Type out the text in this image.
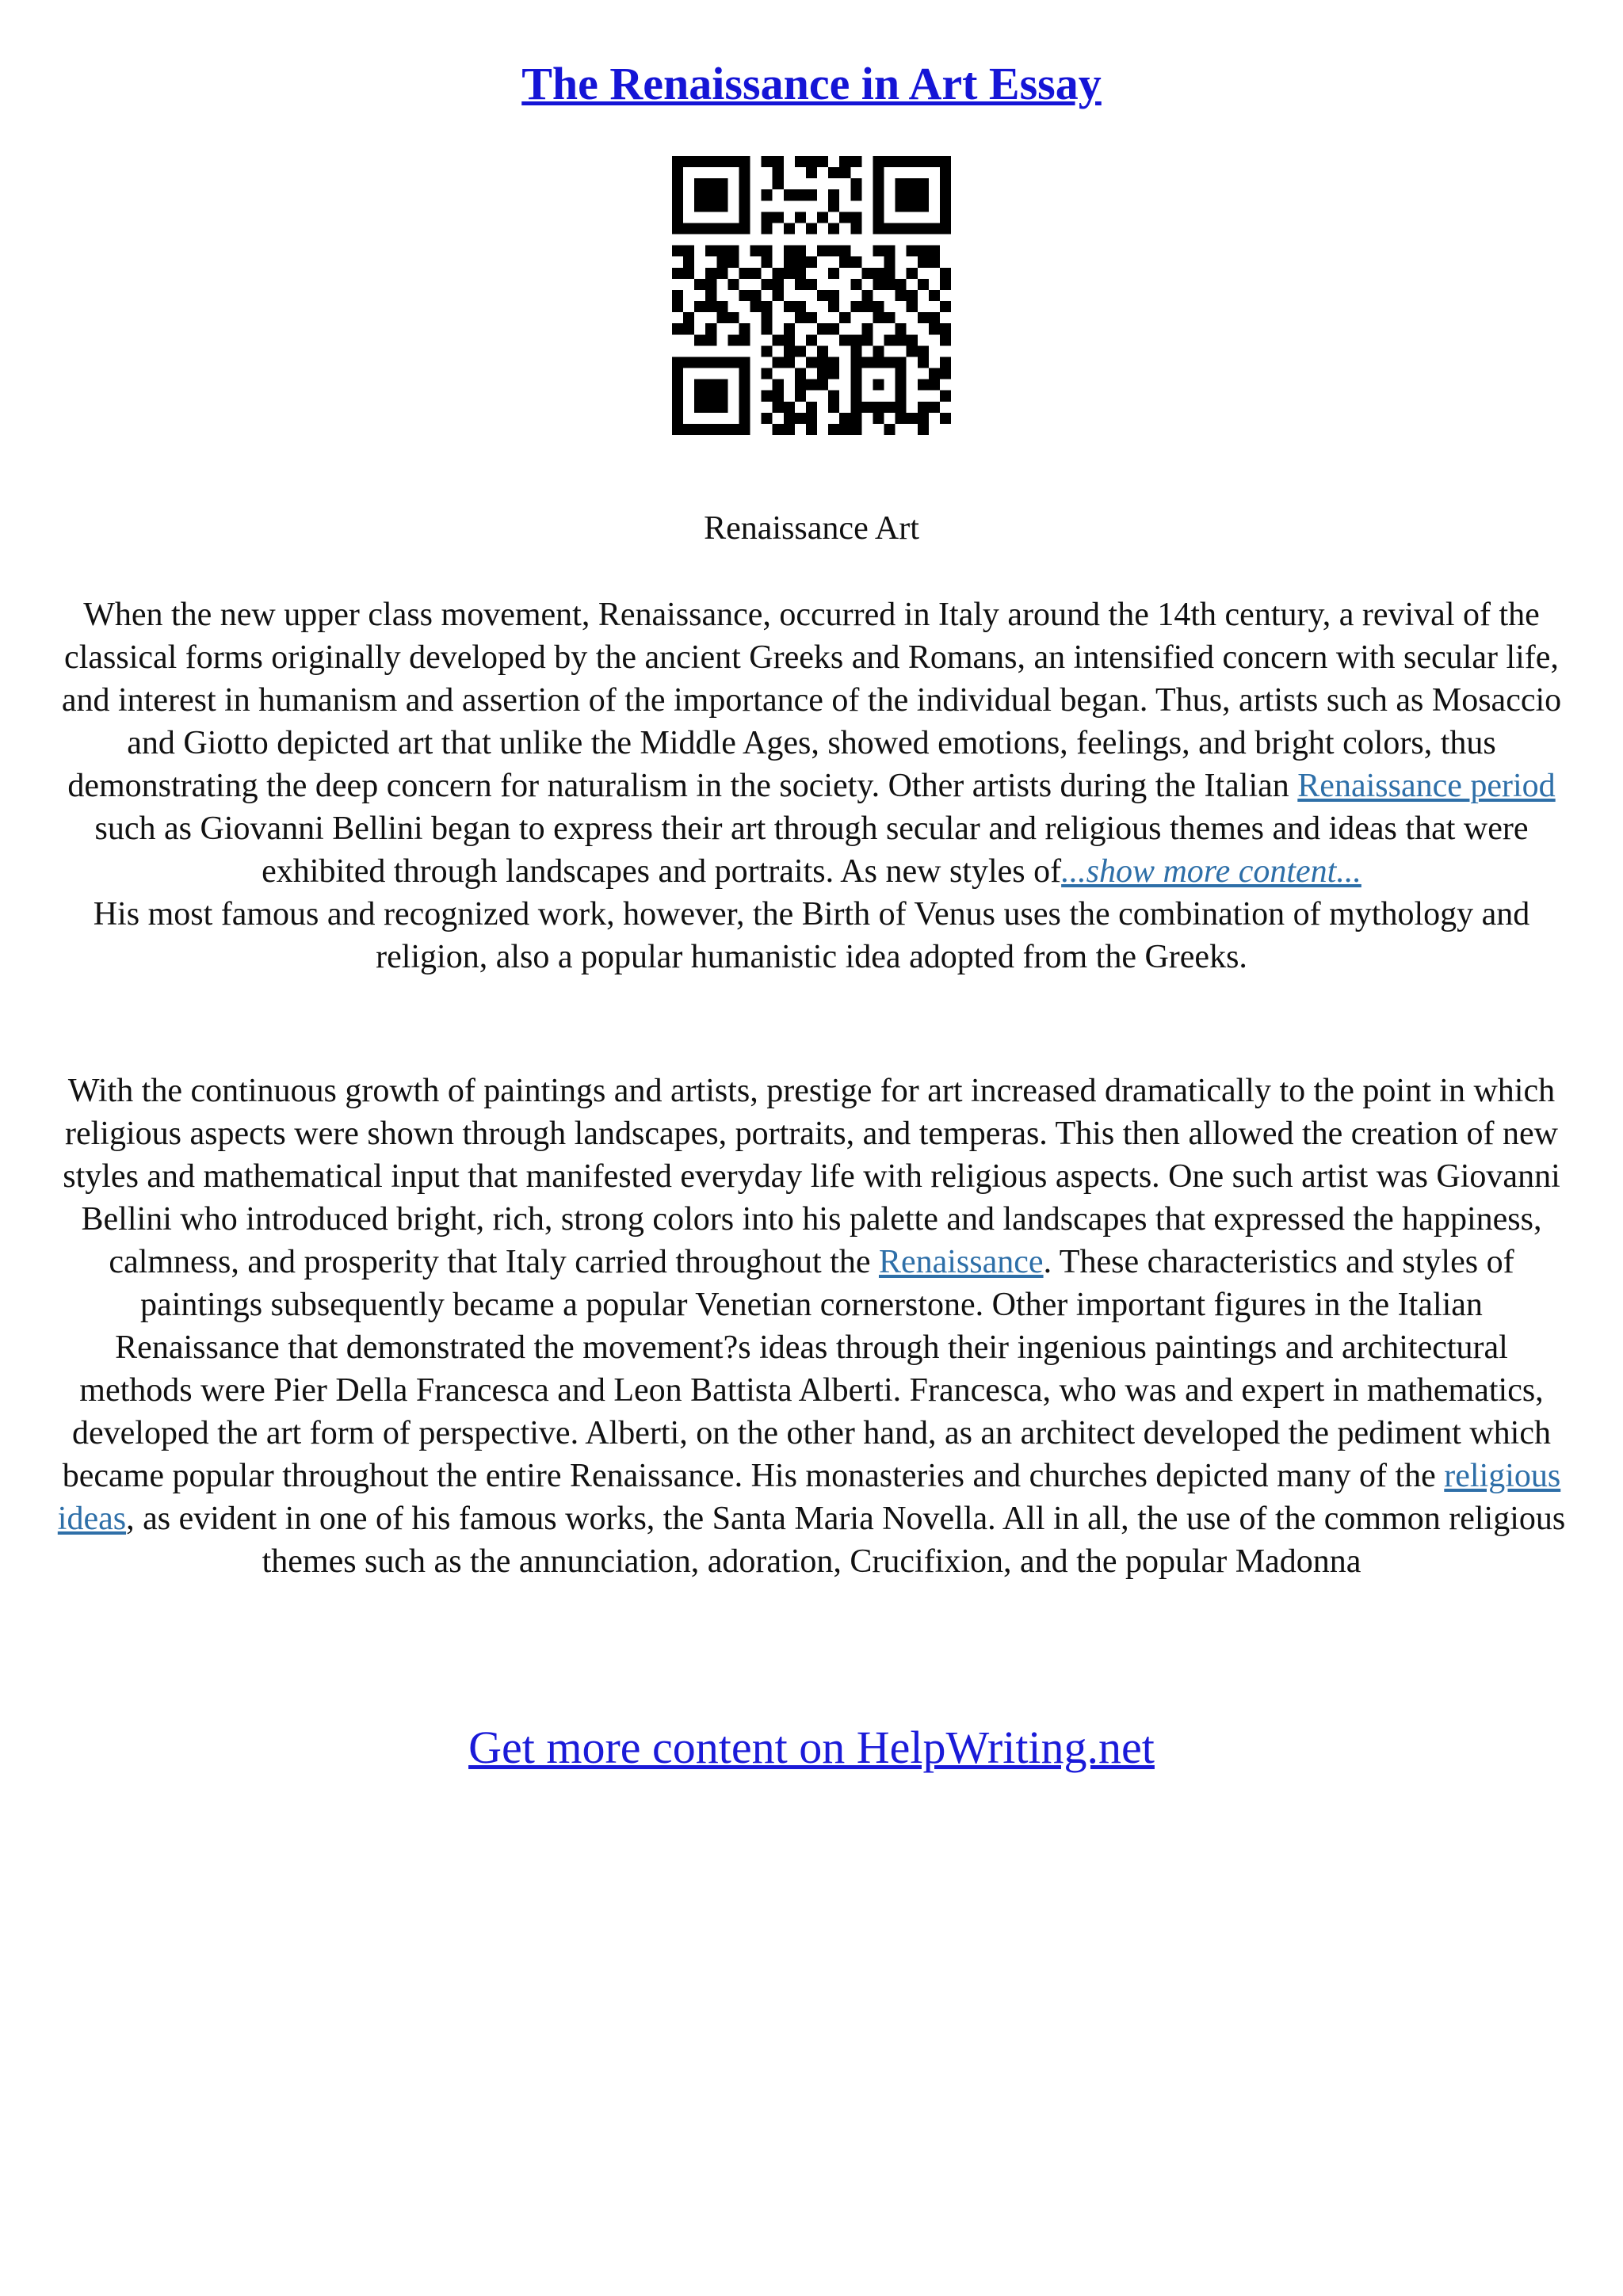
The Renaissance in Art Essay
Renaissance Art

When the new upper class movement, Renaissance, occurred in Italy around the 14th century, a revival of the classical forms originally developed by the ancient Greeks and Romans, an intensified concern with secular life, and interest in humanism and assertion of the importance of the individual began. Thus, artists such as Mosaccio and Giotto depicted art that unlike the Middle Ages, showed emotions, feelings, and bright colors, thus demonstrating the deep concern for naturalism in the society. Other artists during the Italian Renaissance period such as Giovanni Bellini began to express their art through secular and religious themes and ideas that were exhibited through landscapes and portraits. As new styles of...show more content...

His most famous and recognized work, however, the Birth of Venus uses the combination of mythology and religion, also a popular humanistic idea adopted from the Greeks.

With the continuous growth of paintings and artists, prestige for art increased dramatically to the point in which religious aspects were shown through landscapes, portraits, and temperas. This then allowed the creation of new styles and mathematical input that manifested everyday life with religious aspects. One such artist was Giovanni Bellini who introduced bright, rich, strong colors into his palette and landscapes that expressed the happiness, calmness, and prosperity that Italy carried throughout the Renaissance. These characteristics and styles of paintings subsequently became a popular Venetian cornerstone. Other important figures in the Italian Renaissance that demonstrated the movement?s ideas through their ingenious paintings and architectural methods were Pier Della Francesca and Leon Battista Alberti. Francesca, who was and expert in mathematics, developed the art form of perspective. Alberti, on the other hand, as an architect developed the pediment which became popular throughout the entire Renaissance. His monasteries and churches depicted many of the religious ideas, as evident in one of his famous works, the Santa Maria Novella. All in all, the use of the common religious themes such as the annunciation, adoration, Crucifixion, and the popular Madonna

Get more content on HelpWriting.net
